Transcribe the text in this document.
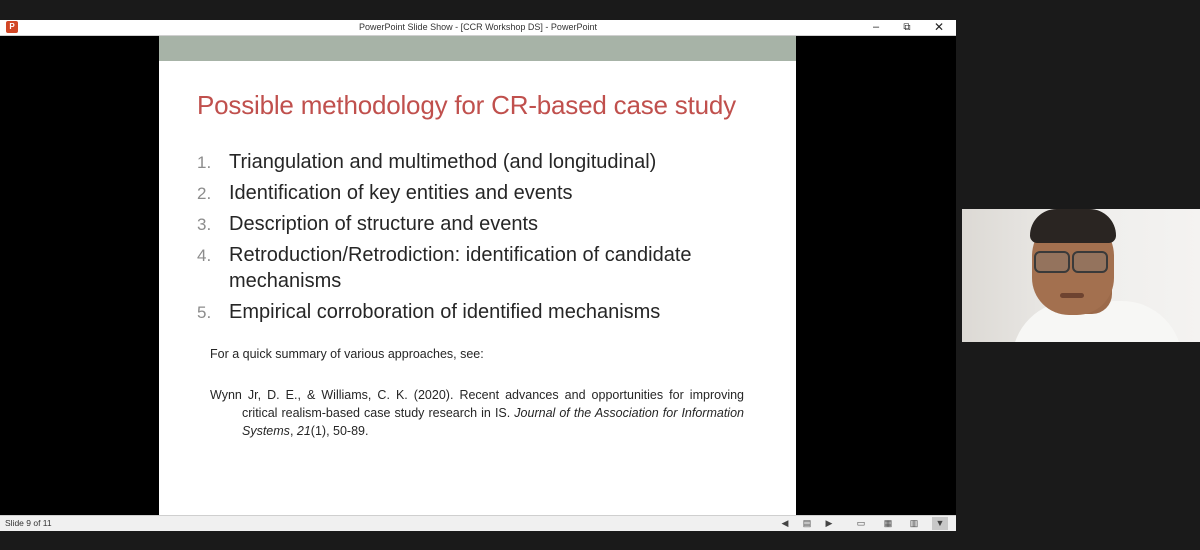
P	PowerPoint Slide Show - [CCR Workshop DS] - PowerPoint	–	⧉	✕
Possible methodology for CR-based case study
1. Triangulation and multimethod (and longitudinal)
2. Identification of key entities and events
3. Description of structure and events
4. Retroduction/Retrodiction: identification of candidate mechanisms
5. Empirical corroboration of identified mechanisms
For a quick summary of various approaches, see:
Wynn Jr, D. E., & Williams, C. K. (2020). Recent advances and opportunities for improving critical realism-based case study research in IS. Journal of the Association for Information Systems, 21(1), 50-89.
Slide 9 of 11	◀	▤	▶	▭	▦	▥	▼
